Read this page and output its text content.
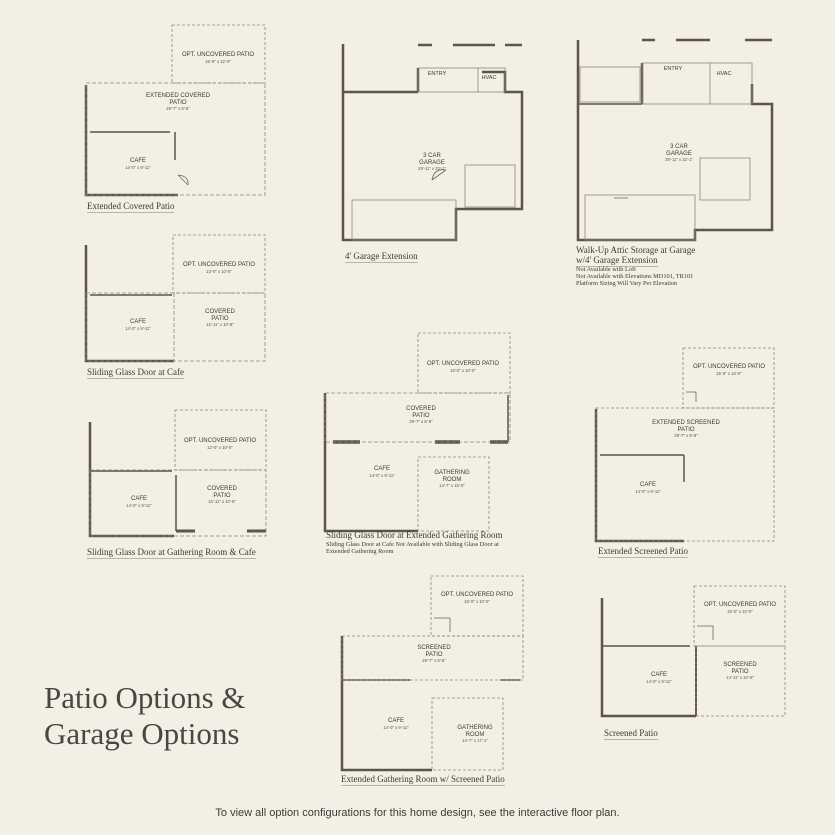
OPT. UNCOVERED PATIO
15'-8" x 12'-0"
EXTENDED COVERED
PATIO
29'-7" x 8'-8"
CAFE
14'-0" x 9'-11"
ENTRY
HVAC
3 CAR
GARAGE
29'-11" x 22'-1"
ENTRY
HVAC
3 CAR
GARAGE
29'-11" x 22'-1"
OPT. UNCOVERED PATIO
13'-0" x 10'-0"
CAFE
14'-0" x 9'-11"
COVERED
PATIO
14'-11" x 10'-8"
OPT. UNCOVERED PATIO
12'-0" x 10'-0"
CAFE
14'-0" x 9'-11"
COVERED
PATIO
14'-11" x 10'-8"
OPT. UNCOVERED PATIO
15'-0" x 10'-0"
COVERED
PATIO
29'-7" x 8'-8"
CAFE
14'-0" x 9'-11"	GATHERING
ROOM
14'-7" x 15'-0"
OPT. UNCOVERED PATIO
15'-8" x 10'-0"
EXTENDED SCREENED
PATIO
29'-7" x 8'-8"
CAFE
14'-0" x 9'-11"
OPT. UNCOVERED PATIO
15'-0" x 10'-0"
SCREENED
PATIO
29'-7" x 8'-8"
CAFE
14'-0" x 9'-11"	GATHERING
ROOM
14'-7" x 17'-1"
OPT. UNCOVERED PATIO
15'-0" x 10'-0"
CAFE
14'-0" x 9'-11"
SCREENED
PATIO
14'-11" x 10'-8"
Extended Covered Patio
4' Garage Extension
Walk-Up Attic Storage at Garage
w/4' Garage Extension
Not Available with Loft
Not Available with Elevations MD101, TR101
Platform Sizing Will Vary Per Elevation
Sliding Glass Door at Cafe
Sliding Glass Door at Gathering Room & Cafe
Sliding Glass Door at Extended Gathering Room
Sliding Glass Door at Cafe Not Available with Sliding Glass Door at
Extended Gathering Room	Extended Screened Patio
Extended Gathering Room w/ Screened Patio
Screened Patio
Patio Options &
Garage Options
To view all option configurations for this home design, see the interactive floor plan.
